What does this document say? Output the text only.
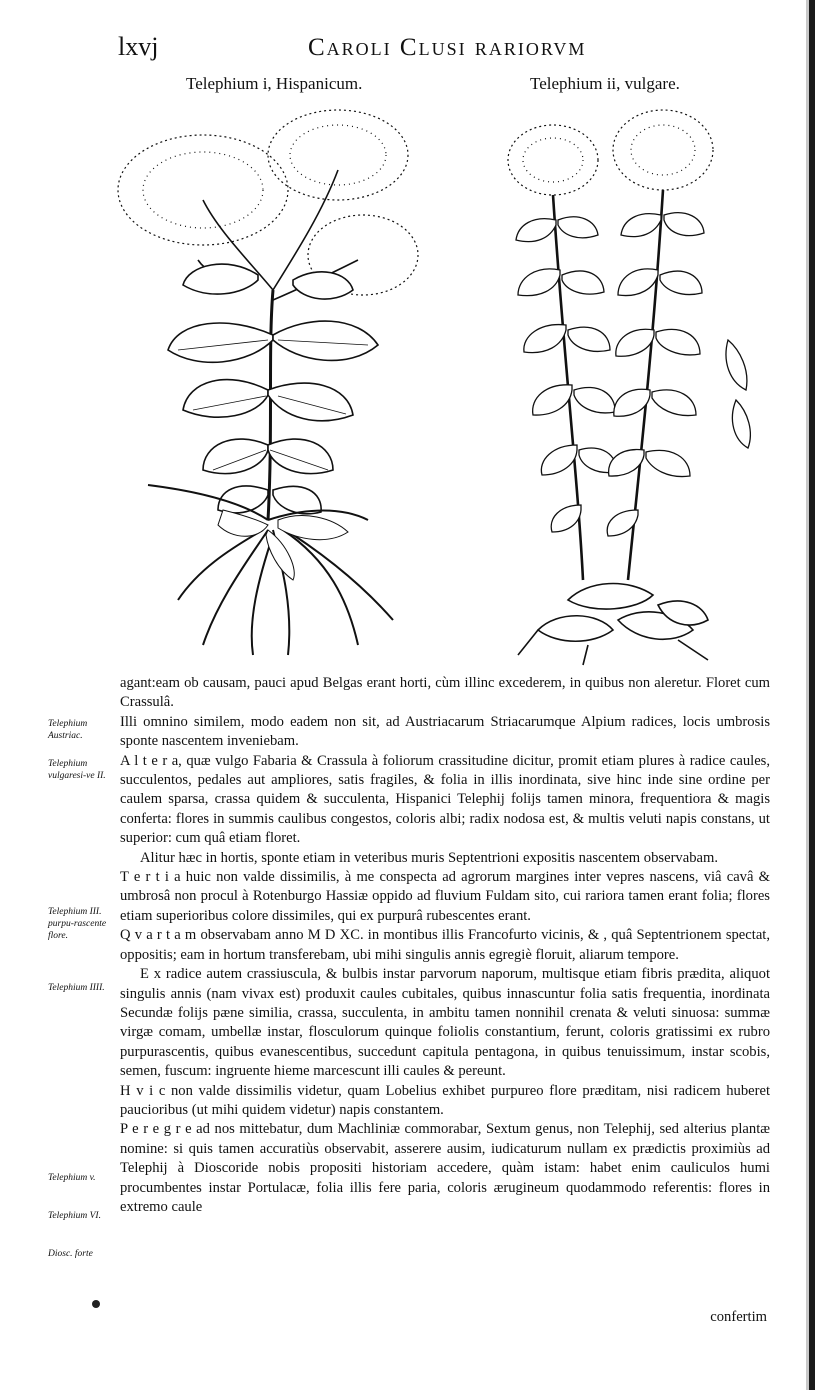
lxvj	Caroli Clusi rariorvm
Telephium i, Hispanicum.	Telephium ii, vulgare.
Telephium Austriac.
Telephium vulgaresi-ve II.
Telephium III. purpu-rascente flore.
Telephium IIII.
Telephium v.
Telephium VI.
Diosc. forte

agant:eam ob causam, pauci apud Belgas erant horti, cùm illinc excederem, in quibus non aleretur. Floret cum Crassulâ.

Illi omnino similem, modo eadem non sit, ad Austriacarum Striacarumque Alpium radices, locis umbrosis sponte nascentem inveniebam.

A l t e r a, quæ vulgo Fabaria & Crassula à foliorum crassitudine dicitur, promit etiam plures à radice caules, succulentos, pedales aut ampliores, satis fragiles, & folia in illis inordinata, sive hinc inde sine ordine per caulem sparsa, crassa quidem & succulenta, Hispanici Telephij folijs tamen minora, frequentiora & magis conferta: flores in summis caulibus congestos, coloris albi; radix nodosa est, & multis veluti napis constans, ut superior: cum quâ etiam floret.

Alitur hæc in hortis, sponte etiam in veteribus muris Septentrioni expositis nascentem observabam.

T e r t i a huic non valde dissimilis, à me conspecta ad agrorum margines inter vepres nascens, viâ cavâ & umbrosâ non procul à Rotenburgo Hassiæ oppido ad fluvium Fuldam sito, cui rariora tamen erant folia; flores etiam superioribus colore dissimiles, qui ex purpurâ rubescentes erant.

Q v a r t a m observabam anno M D XC. in montibus illis Francofurto vicinis, & , quâ Septentrionem spectat, oppositis; eam in hortum transferebam, ubi mihi singulis annis egregiè floruit, aliarum tempore.

E x radice autem crassiuscula, & bulbis instar parvorum naporum, multisque etiam fibris prædita, aliquot singulis annis (nam vivax est) produxit caules cubitales, quibus innascuntur folia satis frequentia, inordinata Secundæ folijs pæne similia, crassa, succulenta, in ambitu tamen nonnihil crenata & veluti sinuosa: summæ virgæ comam, umbellæ instar, flosculorum quinque foliolis constantium, ferunt, coloris gratissimi ex rubro purpurascentis, quibus evanescentibus, succedunt capitula pentagona, in quibus tenuissimum, instar scobis, semen, fuscum: ingruente hieme marcescunt illi caules & pereunt.

H v i c non valde dissimilis videtur, quam Lobelius exhibet purpureo flore præditam, nisi radicem huberet paucioribus (ut mihi quidem videtur) napis constantem.

P e r e g r e ad nos mittebatur, dum Machliniæ commorabar, Sextum genus, non Telephij, sed alterius plantæ nomine: si quis tamen accuratiùs observabit, asserere ausim, iudicaturum nullam ex prædictis proximiùs ad Telephij à Dioscoride nobis propositi historiam accedere, quàm istam: habet enim cauliculos humi procumbentes instar Portulacæ, folia illis fere paria, coloris ærugineum quodammodo referentis: flores in extremo caule

confertim
